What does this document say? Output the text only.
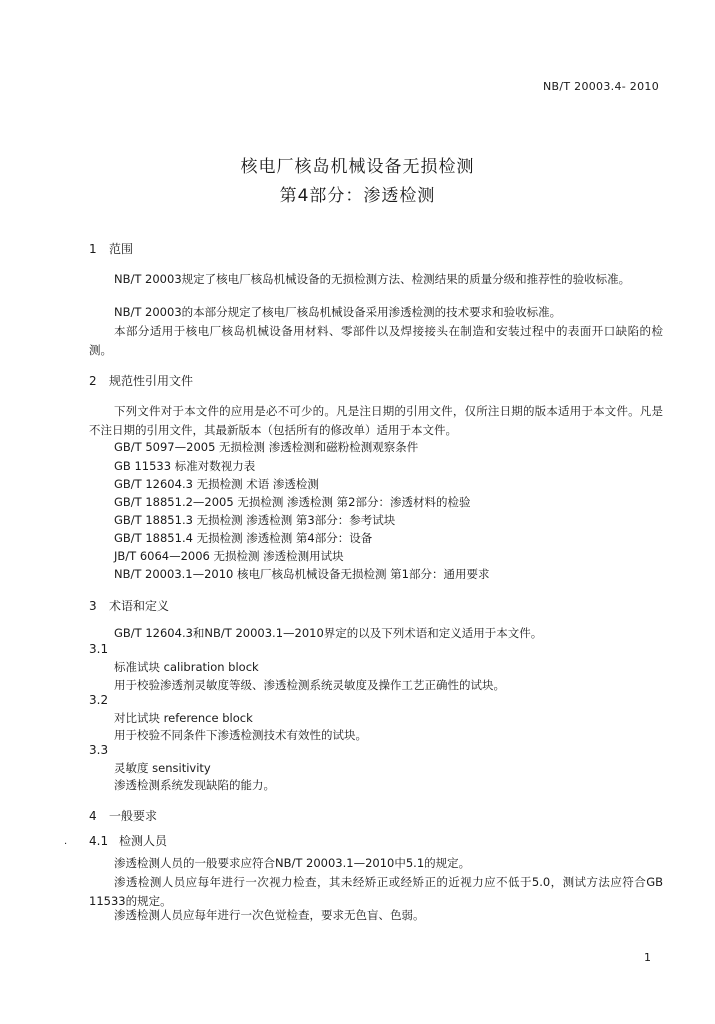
NB/T 20003.4- 2010
核电厂核岛机械设备无损检测
第4部分：渗透检测
1 范围
NB/T 20003规定了核电厂核岛机械设备的无损检测方法、检测结果的质量分级和推荐性的验收标准。
NB/T 20003的本部分规定了核电厂核岛机械设备采用渗透检测的技术要求和验收标准。
本部分适用于核电厂核岛机械设备用材料、零部件以及焊接接头在制造和安装过程中的表面开口缺陷的检测。
2 规范性引用文件
下列文件对于本文件的应用是必不可少的。凡是注日期的引用文件，仅所注日期的版本适用于本文件。凡是不注日期的引用文件，其最新版本（包括所有的修改单）适用于本文件。
GB/T 5097—2005 无损检测 渗透检测和磁粉检测观察条件
GB 11533 标准对数视力表
GB/T 12604.3 无损检测 术语 渗透检测
GB/T 18851.2—2005 无损检测 渗透检测 第2部分：渗透材料的检验
GB/T 18851.3 无损检测 渗透检测 第3部分：参考试块
GB/T 18851.4 无损检测 渗透检测 第4部分：设备
JB/T 6064—2006 无损检测 渗透检测用试块
NB/T 20003.1—2010 核电厂核岛机械设备无损检测 第1部分：通用要求
3 术语和定义
GB/T 12604.3和NB/T 20003.1—2010界定的以及下列术语和定义适用于本文件。
3.1
标准试块 calibration block
用于校验渗透剂灵敏度等级、渗透检测系统灵敏度及操作工艺正确性的试块。
3.2
对比试块 reference block
用于校验不同条件下渗透检测技术有效性的试块。
3.3
灵敏度 sensitivity
渗透检测系统发现缺陷的能力。
4 一般要求
. 4.1 检测人员
渗透检测人员的一般要求应符合NB/T 20003.1—2010中5.1的规定。
渗透检测人员应每年进行一次视力检查，其未经矫正或经矫正的近视力应不低于5.0，测试方法应符合GB 11533的规定。
渗透检测人员应每年进行一次色觉检查，要求无色盲、色弱。
1
